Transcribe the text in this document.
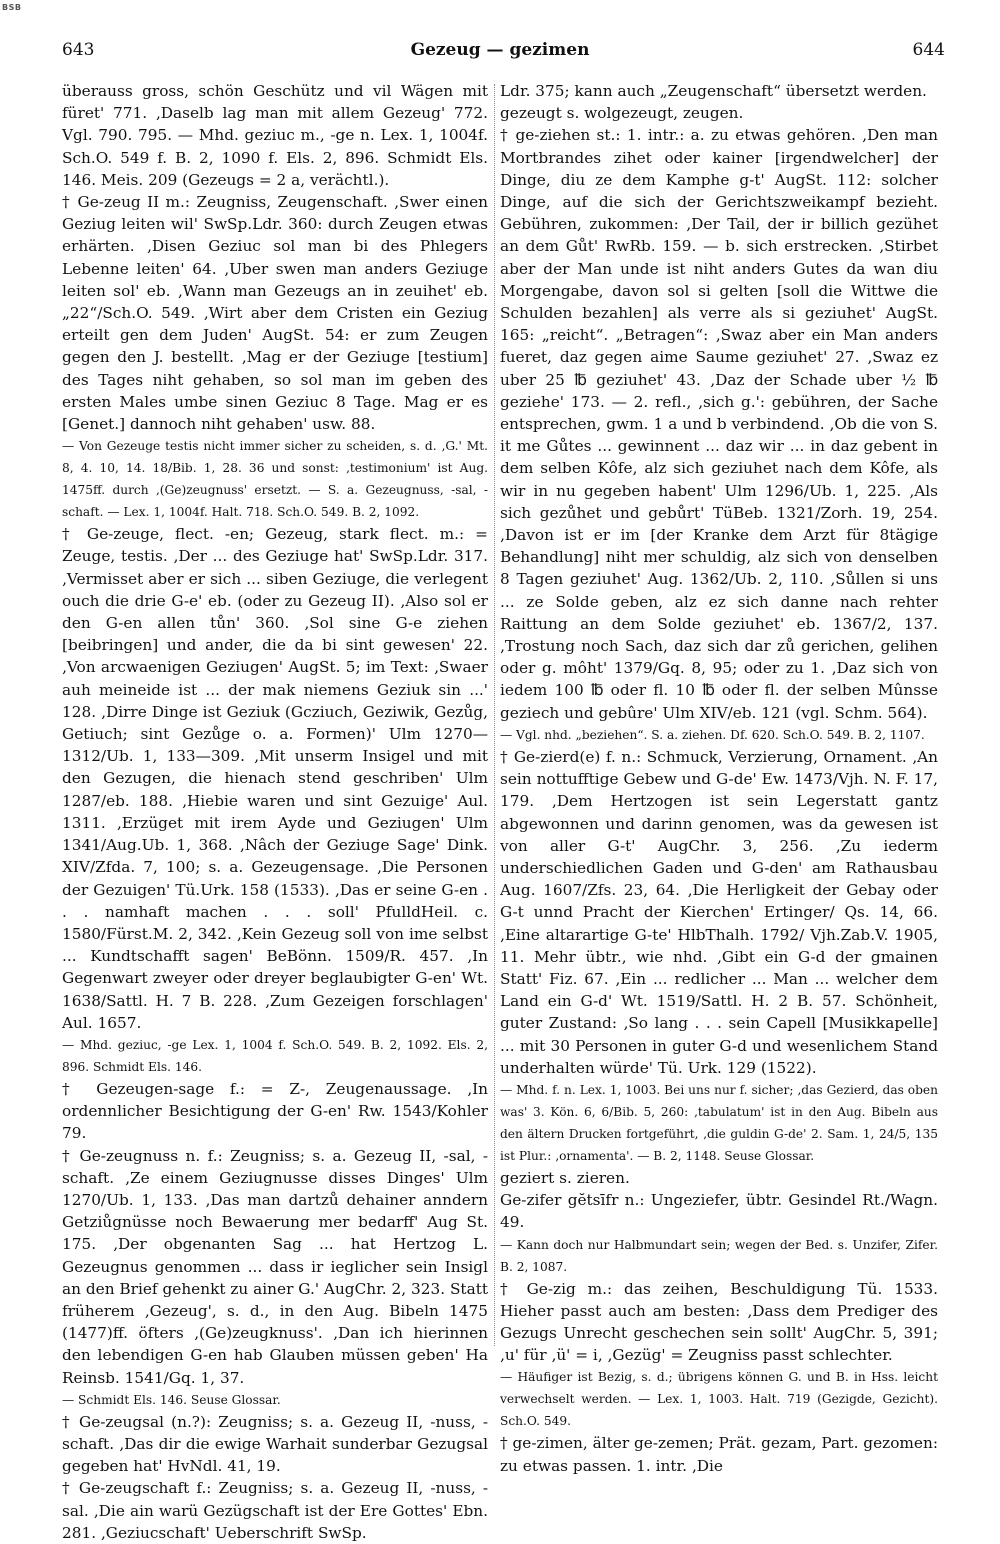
BSB
643	Gezeug — gezimen	644

überauss gross, schön Geschütz und vil Wägen mit füret' 771. ‚Daselb lag man mit allem Gezeug' 772. Vgl. 790. 795. — Mhd. geziuc m., -ge n. Lex. 1, 1004f. Sch.O. 549 f. B. 2, 1090 f. Els. 2, 896. Schmidt Els. 146. Meis. 209 (Gezeugs = 2 a, verächtl.).

† Ge-zeug II m.: Zeugniss, Zeugenschaft. ‚Swer einen Geziug leiten wil' SwSp.Ldr. 360: durch Zeugen etwas erhärten. ‚Disen Geziuc sol man bi des Phlegers Lebenne leiten' 64. ‚Uber swen man anders Geziuge leiten sol' eb. ‚Wann man Gezeugs an in zeuihet' eb. „22“/Sch.O. 549. ‚Wirt aber dem Cristen ein Geziug erteilt gen dem Juden' AugSt. 54: er zum Zeugen gegen den J. bestellt. ‚Mag er der Geziuge [testium] des Tages niht gehaben, so sol man im geben des ersten Males umbe sinen Geziuc 8 Tage. Mag er es [Genet.] dannoch niht gehaben' usw. 88.

— Von Gezeuge testis nicht immer sicher zu scheiden, s. d. ‚G.' Mt. 8, 4. 10, 14. 18/Bib. 1, 28. 36 und sonst: ‚testimonium' ist Aug. 1475ff. durch ‚(Ge)zeugnuss' ersetzt. — S. a. Gezeugnuss, -sal, -schaft. — Lex. 1, 1004f. Halt. 718. Sch.O. 549. B. 2, 1092.

† Ge-zeuge, flect. -en; Gezeug, stark flect. m.: = Zeuge, testis. ‚Der ... des Geziuge hat' SwSp.Ldr. 317. ‚Vermisset aber er sich ... siben Geziuge, die verlegent ouch die drie G-e' eb. (oder zu Gezeug II). ‚Also sol er den G-en allen tůn' 360. ‚Sol sine G-e ziehen [beibringen] und ander, die da bi sint gewesen' 22. ‚Von arcwaenigen Geziugen' AugSt. 5; im Text: ‚Swaer auh meineide ist ... der mak niemens Geziuk sin ...' 128. ‚Dirre Dinge ist Geziuk (Gcziuch, Geziwik, Gezůg, Getiuch; sint Gezůge o. a. Formen)' Ulm 1270—1312/Ub. 1, 133—309. ‚Mit unserm Insigel und mit den Gezugen, die hienach stend geschriben' Ulm 1287/eb. 188. ‚Hiebie waren und sint Gezuige' Aul. 1311. ‚Erzüget mit irem Ayde und Geziugen' Ulm 1341/Aug.Ub. 1, 368. ‚Nâch der Geziuge Sage' Dink. XIV/Zfda. 7, 100; s. a. Gezeugensage. ‚Die Personen der Gezuigen' Tü.Urk. 158 (1533). ‚Das er seine G-en . . . namhaft machen . . . soll' PfulldHeil. c. 1580/Fürst.M. 2, 342. ‚Kein Gezeug soll von ime selbst ... Kundtschafft sagen' BeBönn. 1509/R. 457. ‚In Gegenwart zweyer oder dreyer beglaubigter G-en' Wt. 1638/Sattl. H. 7 B. 228. ‚Zum Gezeigen forschlagen' Aul. 1657.

— Mhd. geziuc, -ge Lex. 1, 1004 f. Sch.O. 549. B. 2, 1092. Els. 2, 896. Schmidt Els. 146.

† Gezeugen-sage f.: = Z-, Zeugenaussage. ‚In ordennlicher Besichtigung der G-en' Rw. 1543/Kohler 79.

† Ge-zeugnuss n. f.: Zeugniss; s. a. Gezeug II, -sal, -schaft. ‚Ze einem Geziugnusse disses Dinges' Ulm 1270/Ub. 1, 133. ‚Das man dartzů dehainer anndern Getziůgnüsse noch Bewaerung mer bedarff' Aug St. 175. ‚Der obgenanten Sag ... hat Hertzog L. Gezeugnus genommen ... dass ir ieglicher sein Insigl an den Brief gehenkt zu ainer G.' AugChr. 2, 323. Statt früherem ‚Gezeug', s. d., in den Aug. Bibeln 1475 (1477)ff. öfters ‚(Ge)zeugknuss'. ‚Dan ich hierinnen den lebendigen G-en hab Glauben müssen geben' Ha Reinsb. 1541/Gq. 1, 37.

— Schmidt Els. 146. Seuse Glossar.

† Ge-zeugsal (n.?): Zeugniss; s. a. Gezeug II, -nuss, -schaft. ‚Das dir die ewige Warhait sunderbar Gezugsal gegeben hat' HvNdl. 41, 19.

† Ge-zeugschaft f.: Zeugniss; s. a. Gezeug II, -nuss, -sal. ‚Die ain warü Gezügschaft ist der Ere Gottes' Ebn. 281. ‚Geziucschaft' Ueberschrift SwSp.

Ldr. 375; kann auch „Zeugenschaft“ übersetzt werden.

gezeugt s. wolgezeugt, zeugen.

† ge-ziehen st.: 1. intr.: a. zu etwas gehören. ‚Den man Mortbrandes zihet oder kainer [irgendwelcher] der Dinge, diu ze dem Kamphe g-t' AugSt. 112: solcher Dinge, auf die sich der Gerichtszweikampf bezieht. Gebühren, zukommen: ‚Der Tail, der ir billich gezühet an dem Gůt' RwRb. 159. — b. sich erstrecken. ‚Stirbet aber der Man unde ist niht anders Gutes da wan diu Morgengabe, davon sol si gelten [soll die Wittwe die Schulden bezahlen] als verre als si geziuhet' AugSt. 165: „reicht“. „Betragen“: ‚Swaz aber ein Man anders fueret, daz gegen aime Saume geziuhet' 27. ‚Swaz ez uber 25 ℔ geziuhet' 43. ‚Daz der Schade uber ½ ℔ geziehe' 173. — 2. refl., ‚sich g.': gebühren, der Sache entsprechen, gwm. 1 a und b verbindend. ‚Ob die von S. it me Gůtes ... gewinnent ... daz wir ... in daz gebent in dem selben Kôfe, alz sich geziuhet nach dem Kôfe, als wir in nu gegeben habent' Ulm 1296/Ub. 1, 225. ‚Als sich gezůhet und gebůrt' TüBeb. 1321/Zorh. 19, 254. ‚Davon ist er im [der Kranke dem Arzt für 8tägige Behandlung] niht mer schuldig, alz sich von denselben 8 Tagen geziuhet' Aug. 1362/Ub. 2, 110. ‚Sůllen si uns ... ze Solde geben, alz ez sich danne nach rehter Raittung an dem Solde geziuhet' eb. 1367/2, 137. ‚Trostung noch Sach, daz sich dar zů gerichen, gelihen oder g. môht' 1379/Gq. 8, 95; oder zu 1. ‚Daz sich von iedem 100 ℔ oder fl. 10 ℔ oder fl. der selben Mûnsse gezіech und gebûre' Ulm XIV/eb. 121 (vgl. Schm. 564).

— Vgl. nhd. „beziehen“. S. a. ziehen. Df. 620. Sch.O. 549. B. 2, 1107.

† Ge-zierd(e) f. n.: Schmuck, Verzierung, Ornament. ‚An sein nottufftige Gebew und G-de' Ew. 1473/Vjh. N. F. 17, 179. ‚Dem Hertzogen ist sein Legerstatt gantz abgewonnen und darinn genomen, was da gewesen ist von aller G-t' AugChr. 3, 256. ‚Zu iederm underschiedlichen Gaden und G-den' am Rathausbau Aug. 1607/Zfs. 23, 64. ‚Die Herligkeit der Gebay oder G-t unnd Pracht der Kierchen' Ertinger/ Qs. 14, 66. ‚Eine altarartige G-te' HlbThalh. 1792/ Vjh.Zab.V. 1905, 11. Mehr übtr., wie nhd. ‚Gibt ein G-d der gmainen Statt' Fiz. 67. ‚Ein ... redlicher ... Man ... welcher dem Land ein G-d' Wt. 1519/Sattl. H. 2 B. 57. Schönheit, guter Zustand: ‚So lang . . . sein Capell [Musikkapelle] ... mit 30 Personen in guter G-d und wesenlichem Stand underhalten würde' Tü. Urk. 129 (1522).

— Mhd. f. n. Lex. 1, 1003. Bei uns nur f. sicher; ‚das Gezierd, das oben was' 3. Kön. 6, 6/Bib. 5, 260: ‚tabulatum' ist in den Aug. Bibeln aus den ältern Drucken fortgeführt, ‚die guldin G-de' 2. Sam. 1, 24/5, 135 ist Plur.: ‚ornamenta'. — B. 2, 1148. Seuse Glossar.

geziert s. zieren.

Ge-zifer gĕtsīfr n.: Ungeziefer, übtr. Gesindel Rt./Wagn. 49.

— Kann doch nur Halbmundart sein; wegen der Bed. s. Unzifer, Zifer. B. 2, 1087.

† Ge-zig m.: das zeihen, Beschuldigung Tü. 1533. Hieher passt auch am besten: ‚Dass dem Prediger des Gezugs Unrecht geschechen sein sollt' AugChr. 5, 391; ‚u' für ‚ü' = i, ‚Gezüg' = Zeugniss passt schlechter.

— Häufiger ist Bezig, s. d.; übrigens können G. und B. in Hss. leicht verwechselt werden. — Lex. 1, 1003. Halt. 719 (Gezigde, Gezicht). Sch.O. 549.

† ge-zimen, älter ge-zemen; Prät. gezam, Part. gezomen: zu etwas passen. 1. intr. ‚Die
